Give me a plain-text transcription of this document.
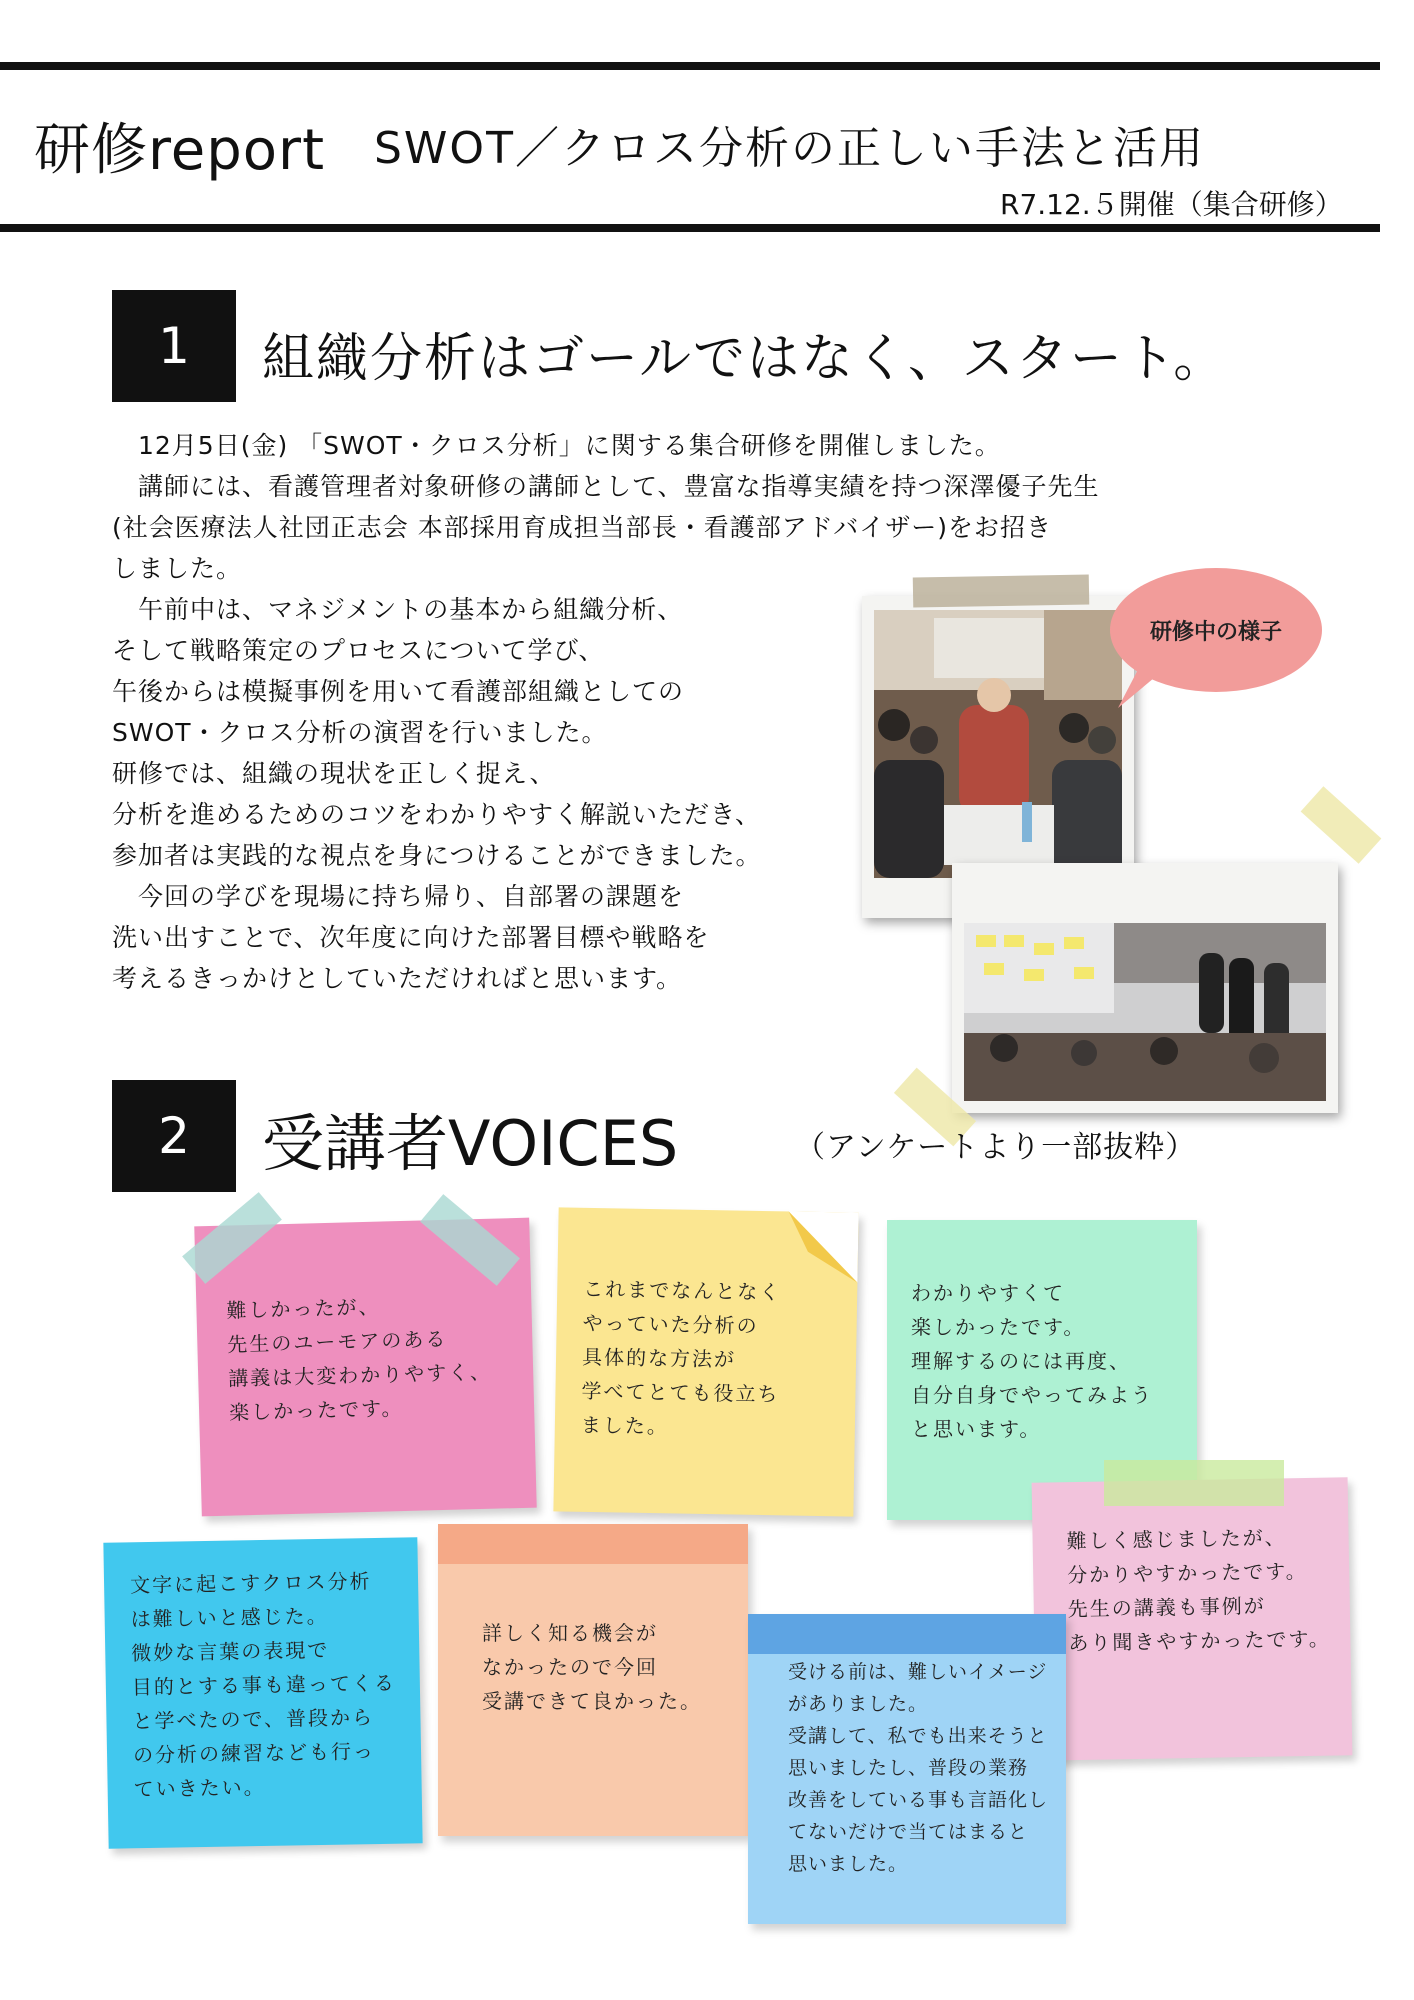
研修report SWOT／クロス分析の正しい手法と活用
R7.12.５開催（集合研修）
1	組織分析はゴールではなく、スタート。

　12月5日(金) 「SWOT・クロス分析」に関する集合研修を開催しました。

　講師には、看護管理者対象研修の講師として、豊富な指導実績を持つ深澤優子先生

(社会医療法人社団正志会 本部採用育成担当部長・看護部アドバイザー)をお招き

しました。

　午前中は、マネジメントの基本から組織分析、

そして戦略策定のプロセスについて学び、

午後からは模擬事例を用いて看護部組織としての

SWOT・クロス分析の演習を行いました。

研修では、組織の現状を正しく捉え、

分析を進めるためのコツをわかりやすく解説いただき、

参加者は実践的な視点を身につけることができました。

　今回の学びを現場に持ち帰り、自部署の課題を

洗い出すことで、次年度に向けた部署目標や戦略を

考えるきっかけとしていただければと思います。

研修中の様子
2	受講者VOICES	（アンケートより一部抜粋）
難しかったが、
先生のユーモアのある
講義は大変わかりやすく、
楽しかったです。
これまでなんとなく
やっていた分析の
具体的な方法が
学べてとても役立ち
ました。
わかりやすくて
楽しかったです。
理解するのには再度、
自分自身でやってみよう
と思います。
難しく感じましたが、
分かりやすかったです。
先生の講義も事例が
あり聞きやすかったです。
文字に起こすクロス分析
は難しいと感じた。
微妙な言葉の表現で
目的とする事も違ってくる
と学べたので、普段から
の分析の練習なども行っ
ていきたい。
詳しく知る機会が
なかったので今回
受講できて良かった。
受ける前は、難しいイメージ
がありました。
受講して、私でも出来そうと
思いましたし、普段の業務
改善をしている事も言語化し
てないだけで当てはまると
思いました。
